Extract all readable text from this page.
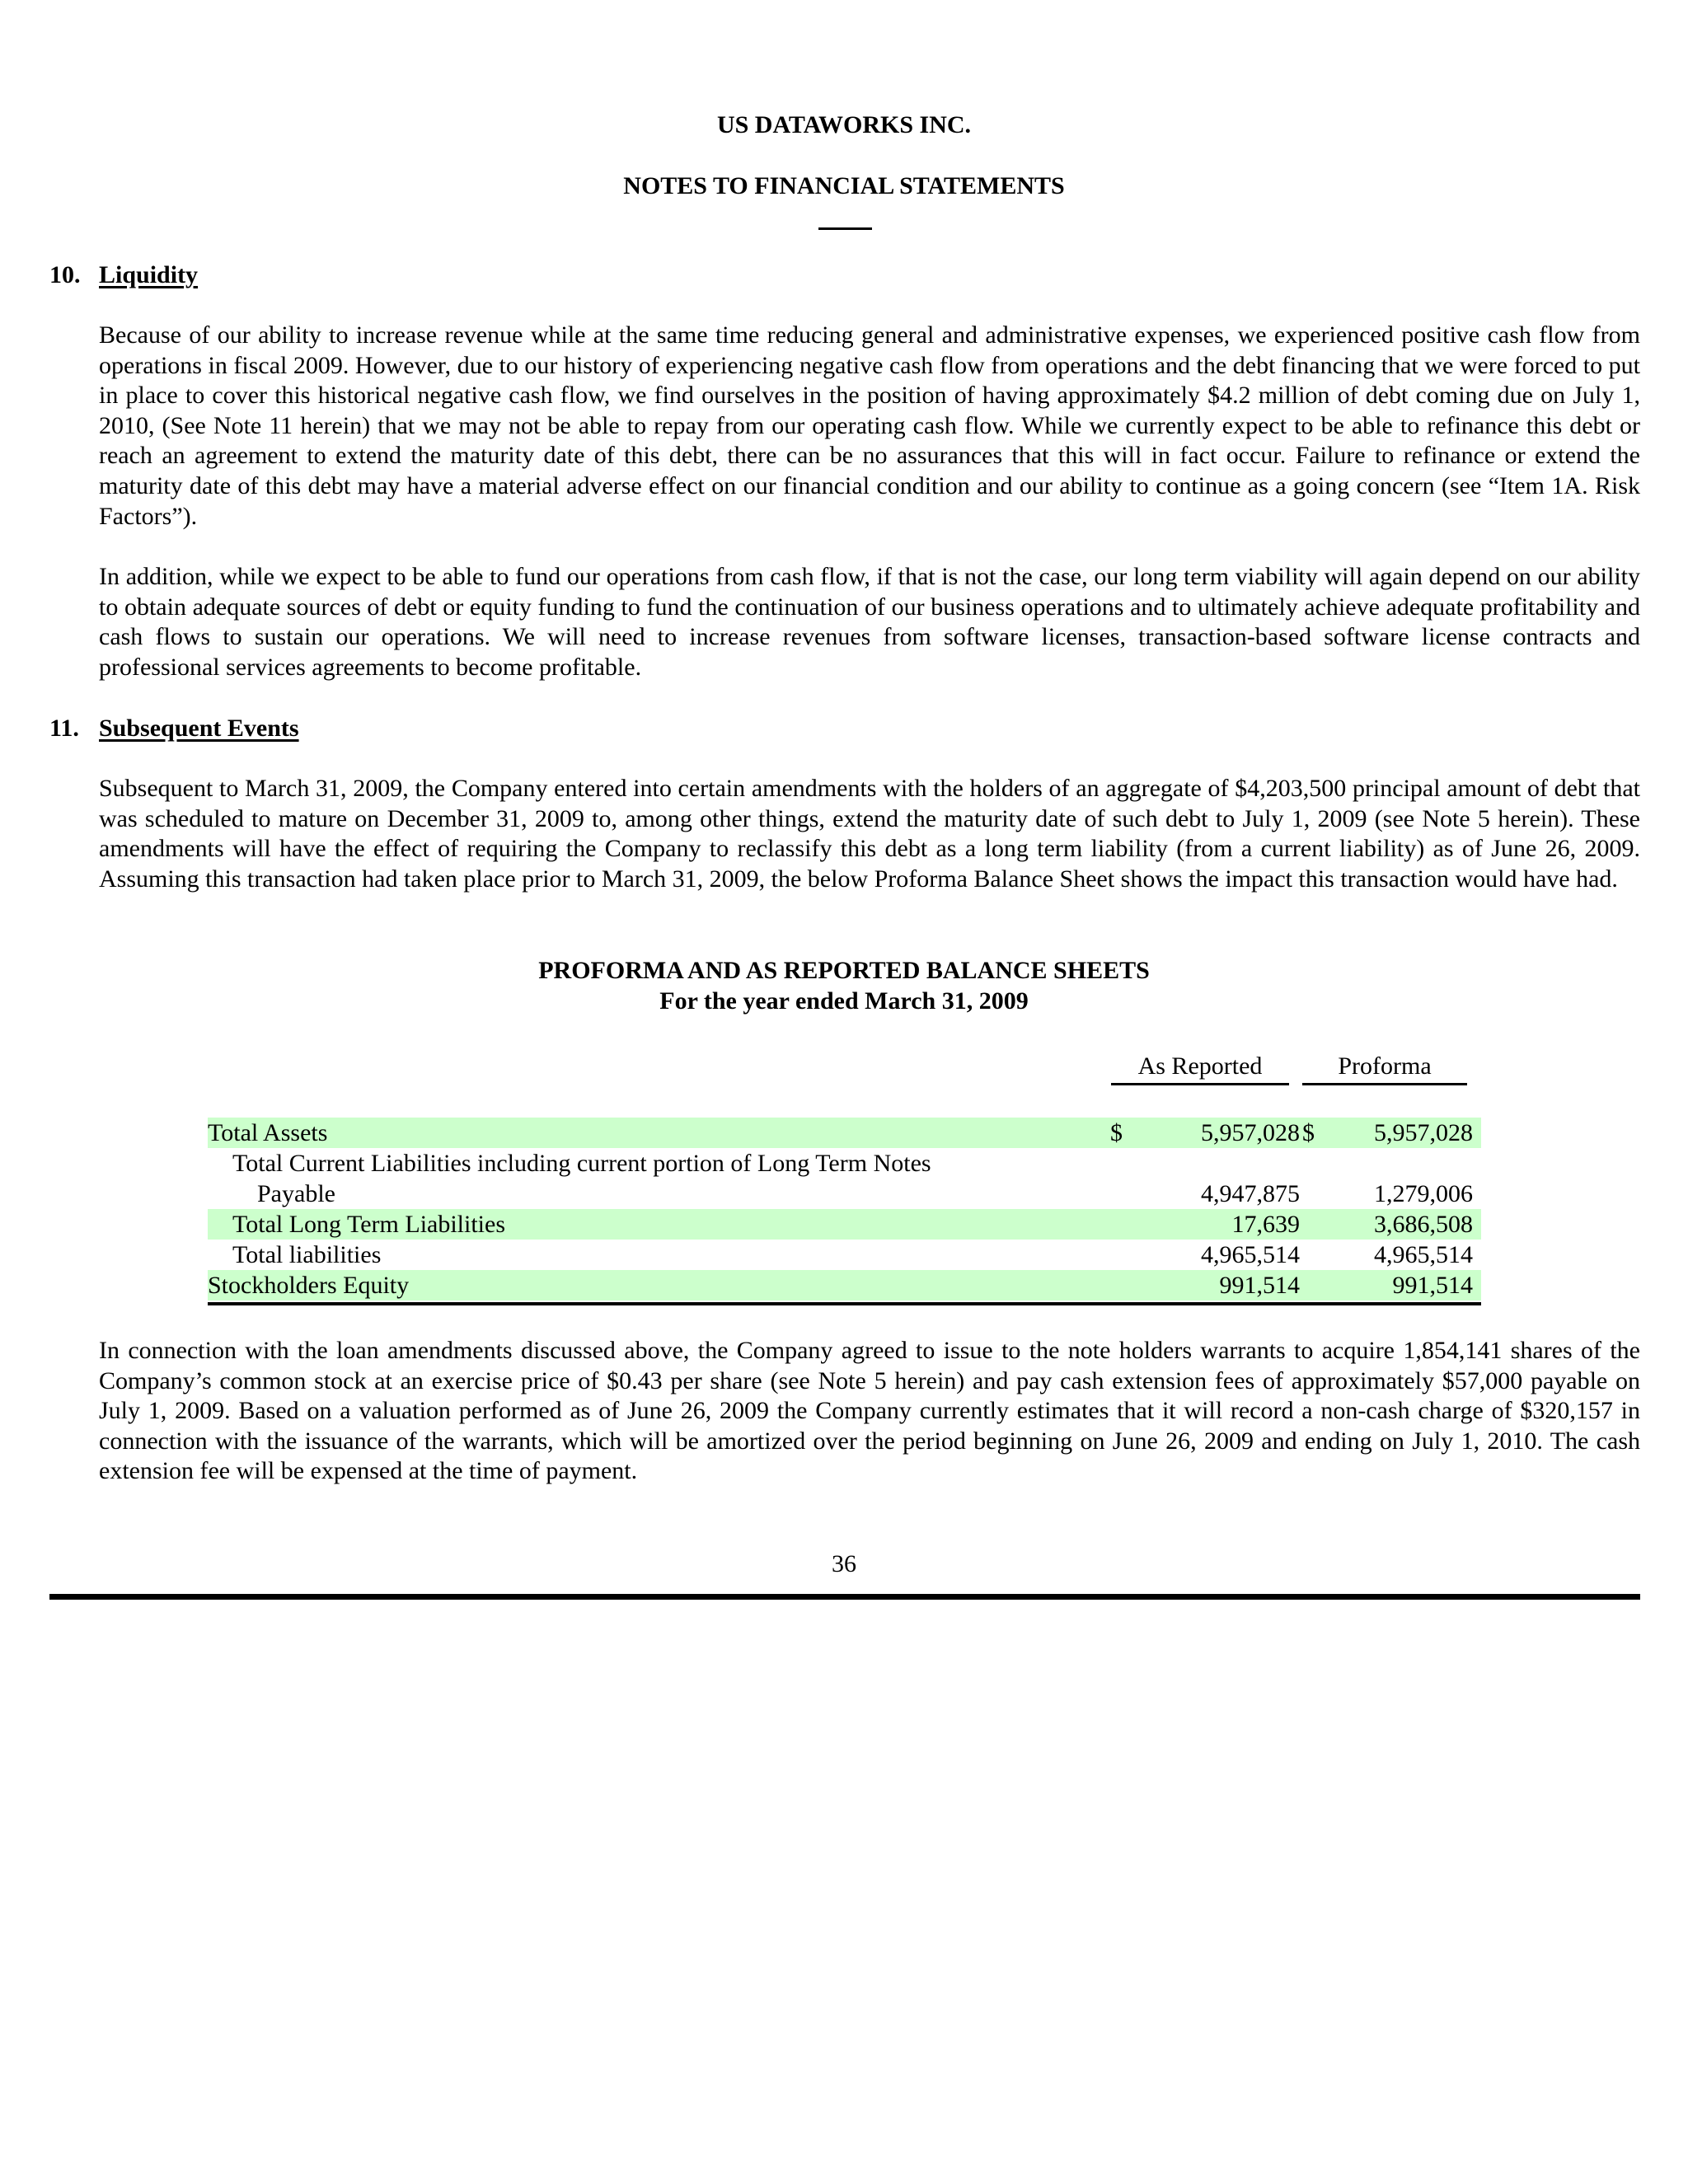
US DATAWORKS INC.
NOTES TO FINANCIAL STATEMENTS
10. Liquidity

Because of our ability to increase revenue while at the same time reducing general and administrative expenses, we experienced positive cash flow from operations in fiscal 2009. However, due to our history of experiencing negative cash flow from operations and the debt financing that we were forced to put in place to cover this historical negative cash flow, we find ourselves in the position of having approximately $4.2 million of debt coming due on July 1, 2010, (See Note 11 herein) that we may not be able to repay from our operating cash flow. While we currently expect to be able to refinance this debt or reach an agreement to extend the maturity date of this debt, there can be no assurances that this will in fact occur. Failure to refinance or extend the maturity date of this debt may have a material adverse effect on our financial condition and our ability to continue as a going concern (see “Item 1A. Risk Factors”).

In addition, while we expect to be able to fund our operations from cash flow, if that is not the case, our long term viability will again depend on our ability to obtain adequate sources of debt or equity funding to fund the continuation of our business operations and to ultimately achieve adequate profitability and cash flows to sustain our operations. We will need to increase revenues from software licenses, transaction-based software license contracts and professional services agreements to become profitable.

11. Subsequent Events

Subsequent to March 31, 2009, the Company entered into certain amendments with the holders of an aggregate of $4,203,500 principal amount of debt that was scheduled to mature on December 31, 2009 to, among other things, extend the maturity date of such debt to July 1, 2009 (see Note 5 herein). These amendments will have the effect of requiring the Company to reclassify this debt as a long term liability (from a current liability) as of June 26, 2009. Assuming this transaction had taken place prior to March 31, 2009, the below Proforma Balance Sheet shows the impact this transaction would have had.

PROFORMA AND AS REPORTED BALANCE SHEETS
For the year ended March 31, 2009
As Reported	Proforma
Total Assets	$	5,957,028 $ 5,957,028
Total Current Liabilities including current portion of Long Term Notes
Payable	4,947,875	1,279,006
Total Long Term Liabilities	17,639	3,686,508
Total liabilities	4,965,514	4,965,514
Stockholders Equity	991,514	991,514

In connection with the loan amendments discussed above, the Company agreed to issue to the note holders warrants to acquire 1,854,141 shares of the Company’s common stock at an exercise price of $0.43 per share (see Note 5 herein) and pay cash extension fees of approximately $57,000 payable on July 1, 2009. Based on a valuation performed as of June 26, 2009 the Company currently estimates that it will record a non-cash charge of $320,157 in connection with the issuance of the warrants, which will be amortized over the period beginning on June 26, 2009 and ending on July 1, 2010. The cash extension fee will be expensed at the time of payment.

36
